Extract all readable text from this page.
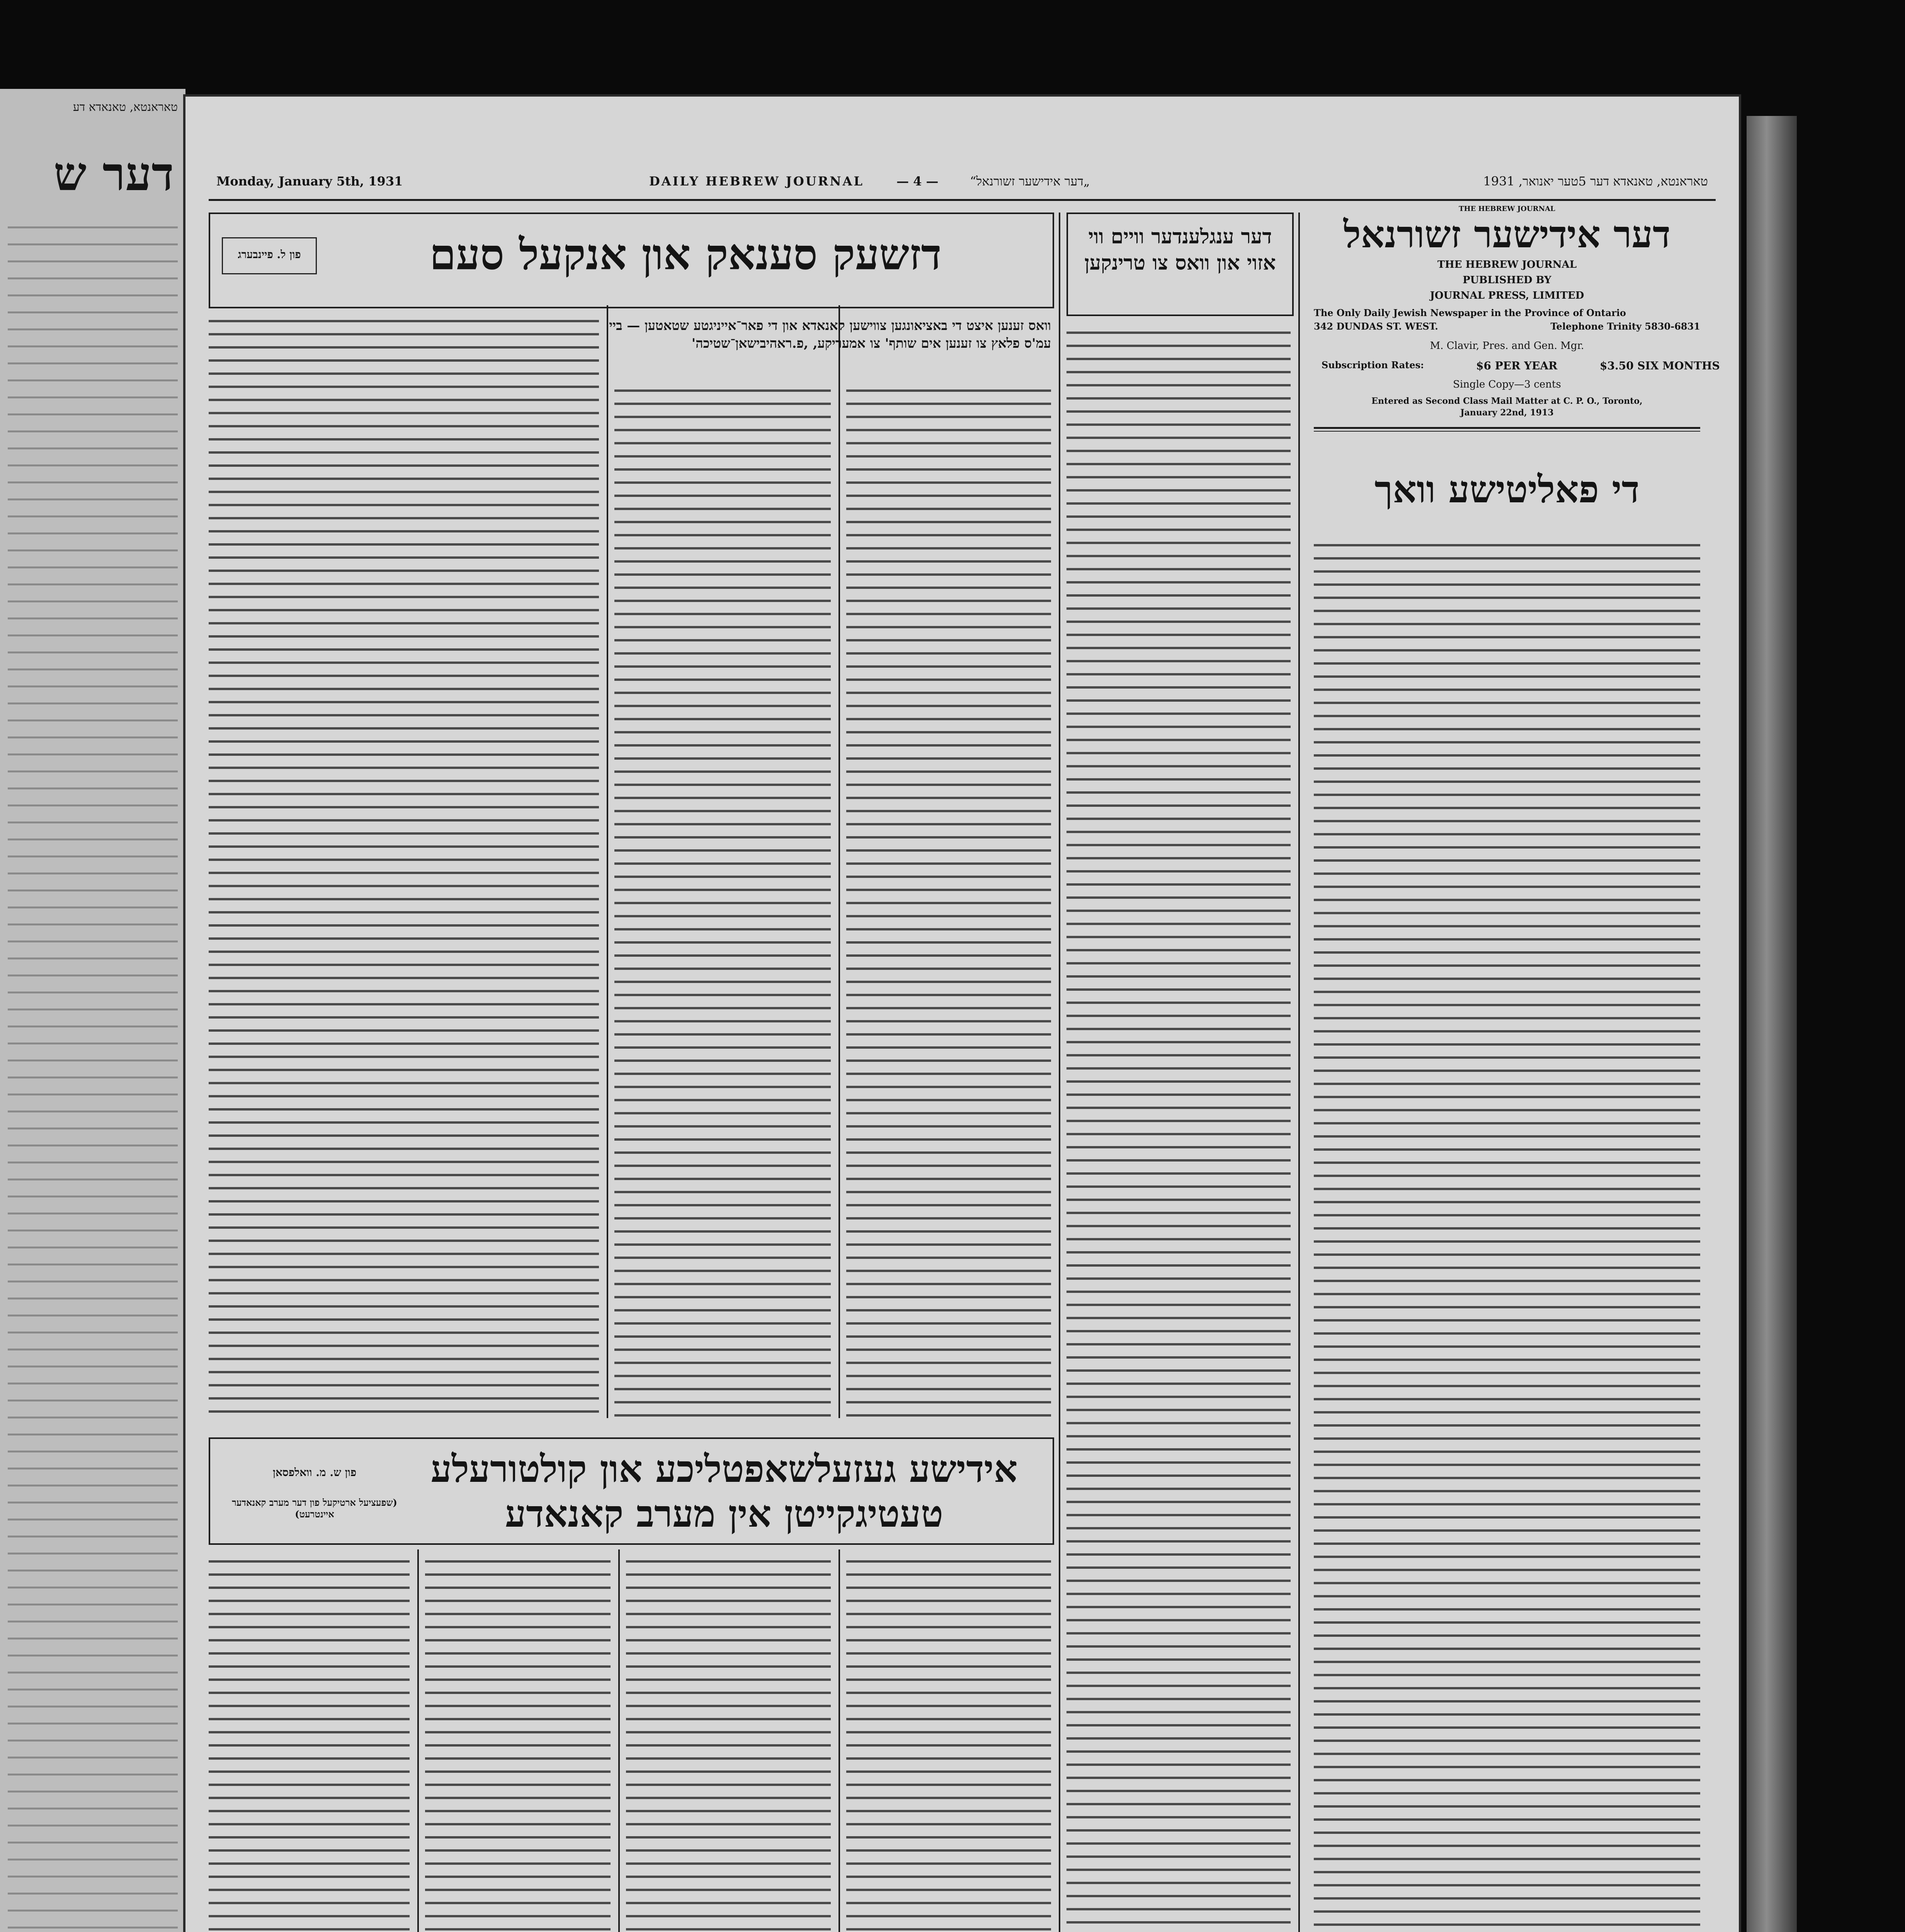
טאראנטא, טאנאדא דע
דער ש	Monday, January 5th, 1931	DAILY HEBREW JOURNAL	— 4 —	„דער אידישער זשורנאל“	טאראנטא, טאנאדא דער 5טער יאנואר, 1931
THE HEBREW JOURNAL
דער אידישער זשורנאל
THE HEBREW JOURNAL
PUBLISHED BY
JOURNAL PRESS, LIMITED
The Only Daily Jewish Newspaper in the Province of Ontario
342 DUNDAS ST. WEST.	Telephone Trinity 5830-6831
M. Clavir, Pres. and Gen. Mgr.
Subscription Rates:	$6 PER YEAR	$3.50 SIX MONTHS
Single Copy—3 cents
Entered as Second Class Mail Matter at C. P. O., Toronto,
January 22nd, 1913
די פאליטישע וואך
דזשעק סענאק און אנקעל סעם
פון ל. פיינבערג
וואס זענען איצט די באציאונגען צווישען קאנאדא און די פאר־אייניגטע שטאטען — ביי עמ'ס פלאץ צו זענען אים שותף' צו אמעריקע, ,פ.ראהיבישאן־שטיכה'
דער ענגלענדער וויים ווי אזוי און וואס צו טרינקען
אידישע געזעלשאפטליכע און קולטורעלע טעטיגקייטן אין מערב קאנאדע
פון ש. מ. וואלפסאן
(שפעציעל ארטיקעל פון דער מערב קאנאדער איינטרעט)
